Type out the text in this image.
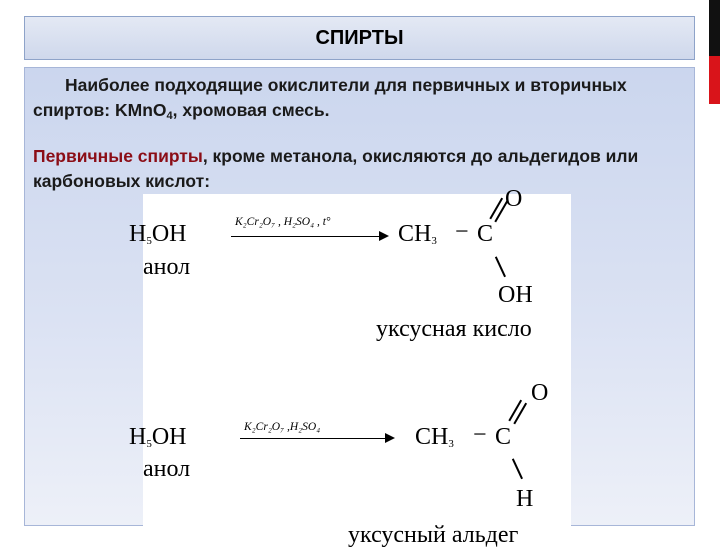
СПИРТЫ
Наиболее подходящие окислители для первичных и вторичных спиртов: KMnO$_4$, хромовая смесь.
Первичные спирты, кроме метанола, окисляются до альдегидов или карбоновых кислот:
$H_5OH$
анол
K₂Cr₂O₇ , H₂SO₄ , t°	$CH_3 - C$
O
OH
уксусная кисло
$H_5OH$
анол
K₂Cr₂O₇ ,H₂SO₄	$CH_3 - C$
O
H
уксусный альдег
